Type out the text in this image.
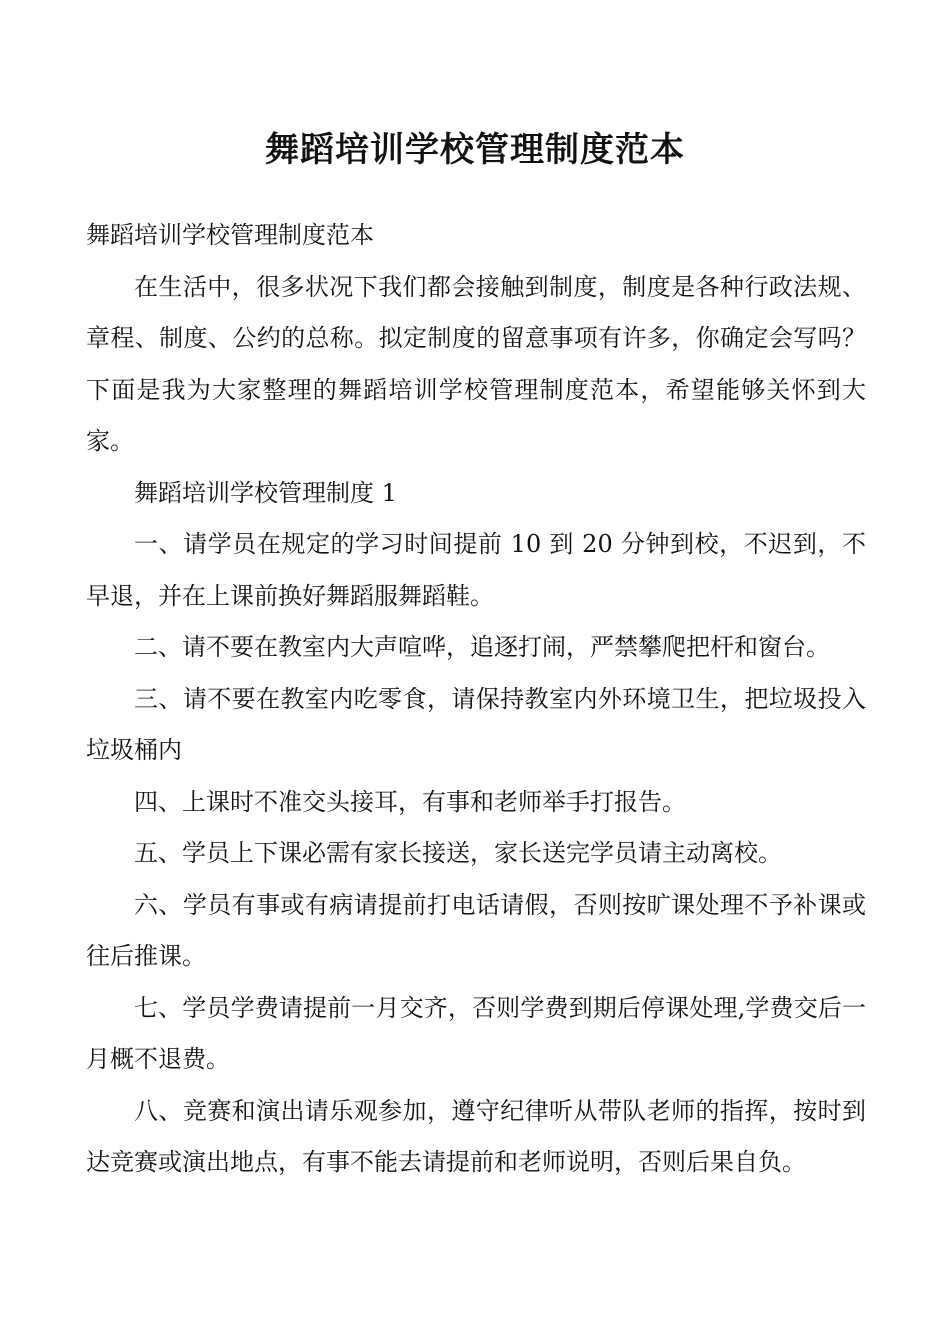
舞蹈培训学校管理制度范本

舞蹈培训学校管理制度范本

在生活中，很多状况下我们都会接触到制度，制度是各种行政法规、章程、制度、公约的总称。拟定制度的留意事项有许多，你确定会写吗？下面是我为大家整理的舞蹈培训学校管理制度范本，希望能够关怀到大家。

舞蹈培训学校管理制度 1

一、请学员在规定的学习时间提前 10 到 20 分钟到校，不迟到，不早退，并在上课前换好舞蹈服舞蹈鞋。

二、请不要在教室内大声喧哗，追逐打闹，严禁攀爬把杆和窗台。

三、请不要在教室内吃零食，请保持教室内外环境卫生，把垃圾投入垃圾桶内

四、上课时不准交头接耳，有事和老师举手打报告。

五、学员上下课必需有家长接送，家长送完学员请主动离校。

六、学员有事或有病请提前打电话请假，否则按旷课处理不予补课或往后推课。

七、学员学费请提前一月交齐，否则学费到期后停课处理,学费交后一月概不退费。

八、竞赛和演出请乐观参加，遵守纪律听从带队老师的指挥，按时到达竞赛或演出地点，有事不能去请提前和老师说明，否则后果自负。
